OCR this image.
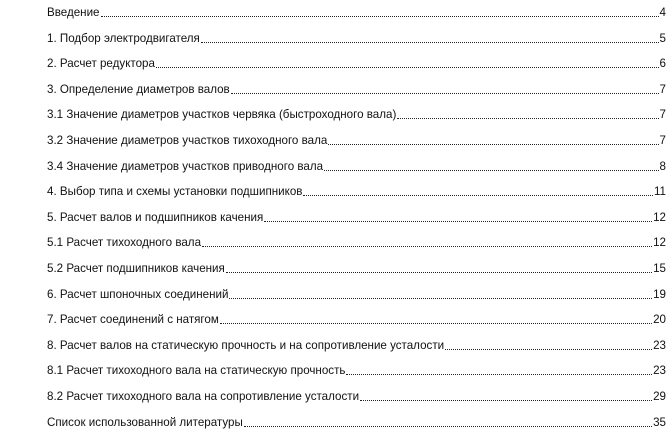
Введение	4
1. Подбор электродвигателя	5
2. Расчет редуктора	6
3. Определение диаметров валов	7
3.1 Значение диаметров участков червяка (быстроходного вала)	7
3.2 Значение диаметров участков тихоходного вала	7
3.4 Значение диаметров участков приводного вала	8
4. Выбор типа и схемы установки подшипников	11
5. Расчет валов и подшипников качения	12
5.1 Расчет тихоходного вала	12
5.2 Расчет подшипников качения	15
6. Расчет шпоночных соединений	19
7. Расчет соединений с натягом	20
8. Расчет валов на статическую прочность и на сопротивление усталости	23
8.1 Расчет тихоходного вала на статическую прочность	23
8.2 Расчет тихоходного вала на сопротивление усталости	29
Список использованной литературы	35
